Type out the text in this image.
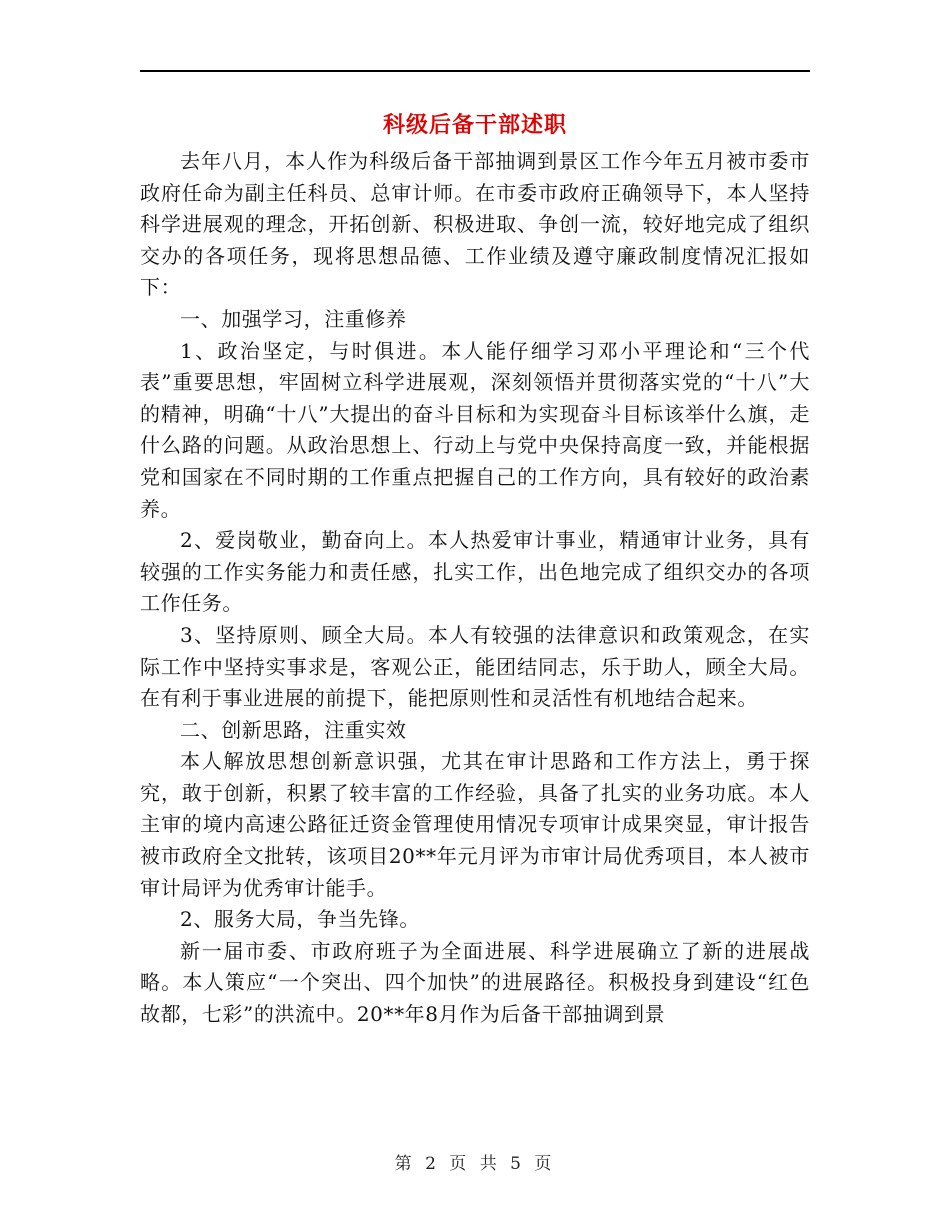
科级后备干部述职

去年八月，本人作为科级后备干部抽调到景区工作今年五月被市委市政府任命为副主任科员、总审计师。在市委市政府正确领导下，本人坚持科学进展观的理念，开拓创新、积极进取、争创一流，较好地完成了组织交办的各项任务，现将思想品德、工作业绩及遵守廉政制度情况汇报如下：

一、加强学习，注重修养

1、政治坚定，与时俱进。本人能仔细学习邓小平理论和“三个代表”重要思想，牢固树立科学进展观，深刻领悟并贯彻落实党的“十八”大的精神，明确“十八”大提出的奋斗目标和为实现奋斗目标该举什么旗，走什么路的问题。从政治思想上、行动上与党中央保持高度一致，并能根据党和国家在不同时期的工作重点把握自己的工作方向，具有较好的政治素养。

2、爱岗敬业，勤奋向上。本人热爱审计事业，精通审计业务，具有较强的工作实务能力和责任感，扎实工作，出色地完成了组织交办的各项工作任务。

3、坚持原则、顾全大局。本人有较强的法律意识和政策观念，在实际工作中坚持实事求是，客观公正，能团结同志，乐于助人，顾全大局。在有利于事业进展的前提下，能把原则性和灵活性有机地结合起来。

二、创新思路，注重实效

本人解放思想创新意识强，尤其在审计思路和工作方法上，勇于探究，敢于创新，积累了较丰富的工作经验，具备了扎实的业务功底。本人主审的境内高速公路征迁资金管理使用情况专项审计成果突显，审计报告被市政府全文批转，该项目20**年元月评为市审计局优秀项目，本人被市审计局评为优秀审计能手。

2、服务大局，争当先锋。

新一届市委、市政府班子为全面进展、科学进展确立了新的进展战略。本人策应“一个突出、四个加快”的进展路径。积极投身到建设“红色故都，七彩”的洪流中。20**年8月作为后备干部抽调到景

第 2 页 共 5 页
